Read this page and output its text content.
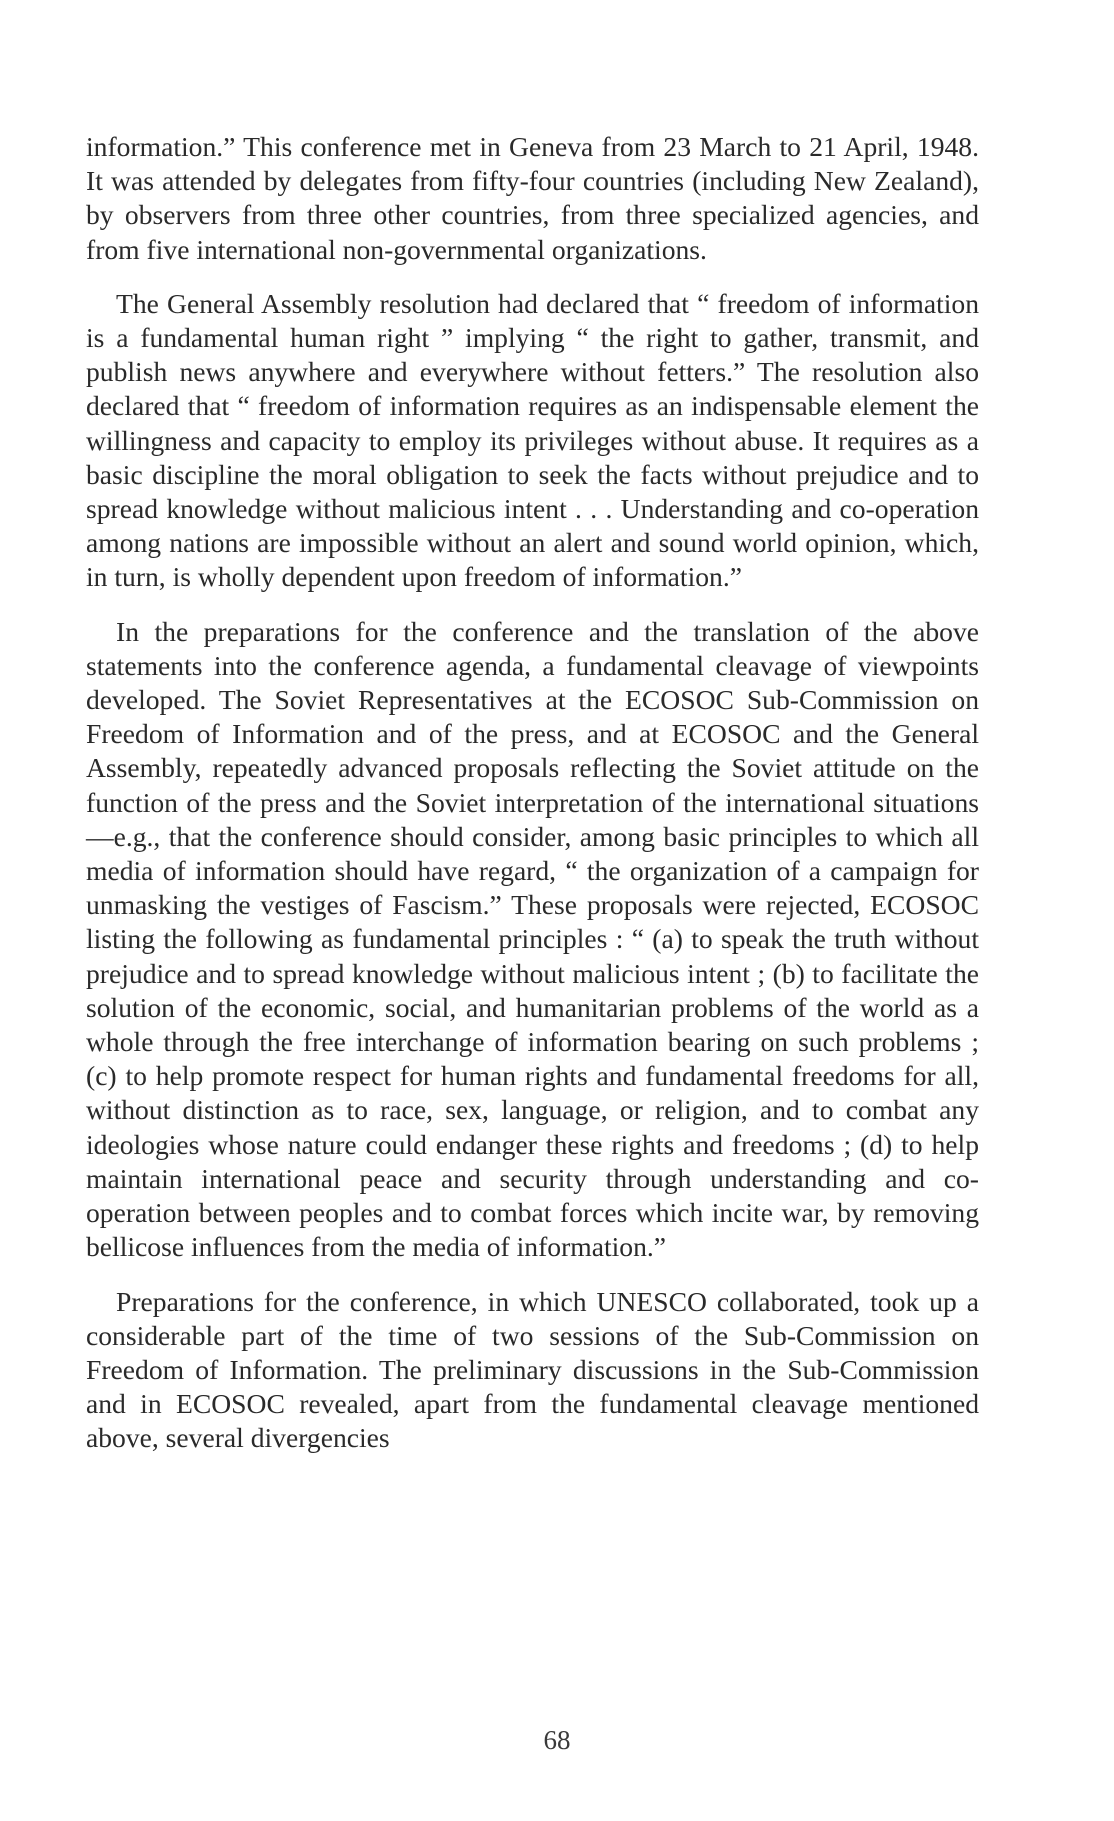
information.” This conference met in Geneva from 23 March to 21 April, 1948. It was attended by delegates from fifty-four countries (including New Zealand), by observers from three other countries, from three specialized agencies, and from five international non-governmental organizations.

The General Assembly resolution had declared that “ freedom of information is a fundamental human right ” implying “ the right to gather, transmit, and publish news anywhere and everywhere without fetters.” The resolution also declared that “ freedom of information requires as an indispensable element the willingness and capacity to employ its privileges without abuse. It requires as a basic discipline the moral obligation to seek the facts without prejudice and to spread knowledge without malicious intent . . . Understanding and co-operation among nations are impossible without an alert and sound world opinion, which, in turn, is wholly dependent upon freedom of information.”

In the preparations for the conference and the translation of the above statements into the conference agenda, a fundamental cleavage of viewpoints developed. The Soviet Representatives at the ECOSOC Sub-Commission on Freedom of Information and of the press, and at ECOSOC and the General Assembly, repeatedly advanced proposals reflecting the Soviet attitude on the function of the press and the Soviet interpretation of the international situations—e.g., that the conference should consider, among basic principles to which all media of information should have regard, “ the organization of a campaign for unmasking the vestiges of Fascism.” These proposals were rejected, ECOSOC listing the following as fundamental principles : “ (a) to speak the truth without prejudice and to spread knowledge without malicious intent ; (b) to facilitate the solution of the economic, social, and humanitarian problems of the world as a whole through the free interchange of information bearing on such problems ; (c) to help promote respect for human rights and fundamental freedoms for all, without distinction as to race, sex, language, or religion, and to combat any ideologies whose nature could endanger these rights and freedoms ; (d) to help maintain international peace and security through understanding and co-operation between peoples and to combat forces which incite war, by removing bellicose influences from the media of information.”

Preparations for the conference, in which UNESCO collaborated, took up a considerable part of the time of two sessions of the Sub-Commission on Freedom of Information. The preliminary discussions in the Sub-Commission and in ECOSOC revealed, apart from the fundamental cleavage mentioned above, several divergencies

68
